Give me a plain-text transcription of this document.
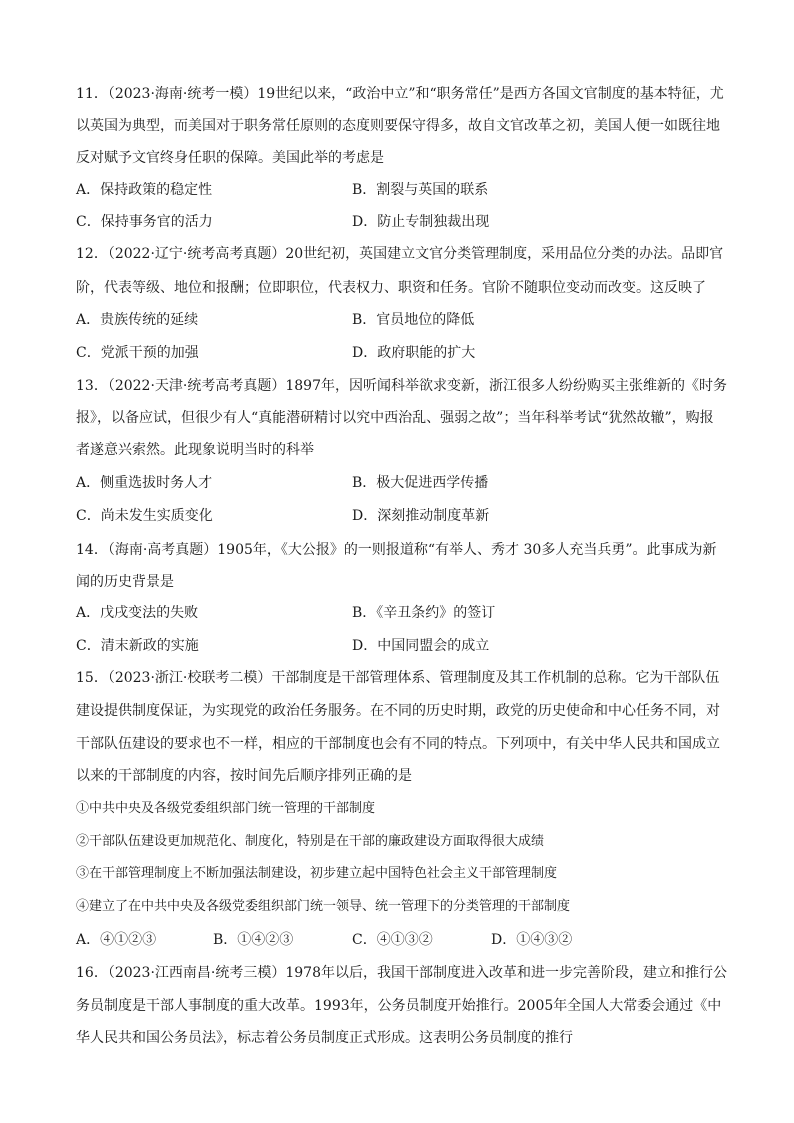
11．（2023·海南·统考一模）19世纪以来，“政治中立”和“职务常任”是西方各国文官制度的基本特征，尤
以英国为典型，而美国对于职务常任原则的态度则要保守得多，故自文官改革之初，美国人便一如既往地
反对赋予文官终身任职的保障。美国此举的考虑是
A．保持政策的稳定性	B．割裂与英国的联系
C．保持事务官的活力	D．防止专制独裁出现
12．（2022·辽宁·统考高考真题）20世纪初，英国建立文官分类管理制度，采用品位分类的办法。品即官
阶，代表等级、地位和报酬；位即职位，代表权力、职资和任务。官阶不随职位变动而改变。这反映了
A．贵族传统的延续	B．官员地位的降低
C．党派干预的加强	D．政府职能的扩大
13．（2022·天津·统考高考真题）1897年，因听闻科举欲求变新，浙江很多人纷纷购买主张维新的《时务
报》，以备应试，但很少有人“真能潜研精讨以究中西治乱、强弱之故”；当年科举考试“犹然故辙”，购报
者遂意兴索然。此现象说明当时的科举
A．侧重选拔时务人才	B．极大促进西学传播
C．尚未发生实质变化	D．深刻推动制度革新
14．（海南·高考真题）1905年，《大公报》的一则报道称“有举人、秀才 30多人充当兵勇”。此事成为新
闻的历史背景是
A．戊戌变法的失败	B．《辛丑条约》的签订
C．清末新政的实施	D．中国同盟会的成立
15．（2023·浙江·校联考二模）干部制度是干部管理体系、管理制度及其工作机制的总称。它为干部队伍
建设提供制度保证，为实现党的政治任务服务。在不同的历史时期，政党的历史使命和中心任务不同，对
干部队伍建设的要求也不一样，相应的干部制度也会有不同的特点。下列项中，有关中华人民共和国成立
以来的干部制度的内容，按时间先后顺序排列正确的是
①中共中央及各级党委组织部门统一管理的干部制度
②干部队伍建设更加规范化、制度化，特别是在干部的廉政建设方面取得很大成绩
③在干部管理制度上不断加强法制建设，初步建立起中国特色社会主义干部管理制度
④建立了在中共中央及各级党委组织部门统一领导、统一管理下的分类管理的干部制度
A．④①②③	B．①④②③	C．④①③②	D．①④③②
16．（2023·江西南昌·统考三模）1978年以后，我国干部制度进入改革和进一步完善阶段，建立和推行公
务员制度是干部人事制度的重大改革。1993年，公务员制度开始推行。2005年全国人大常委会通过《中
华人民共和国公务员法》，标志着公务员制度正式形成。这表明公务员制度的推行
